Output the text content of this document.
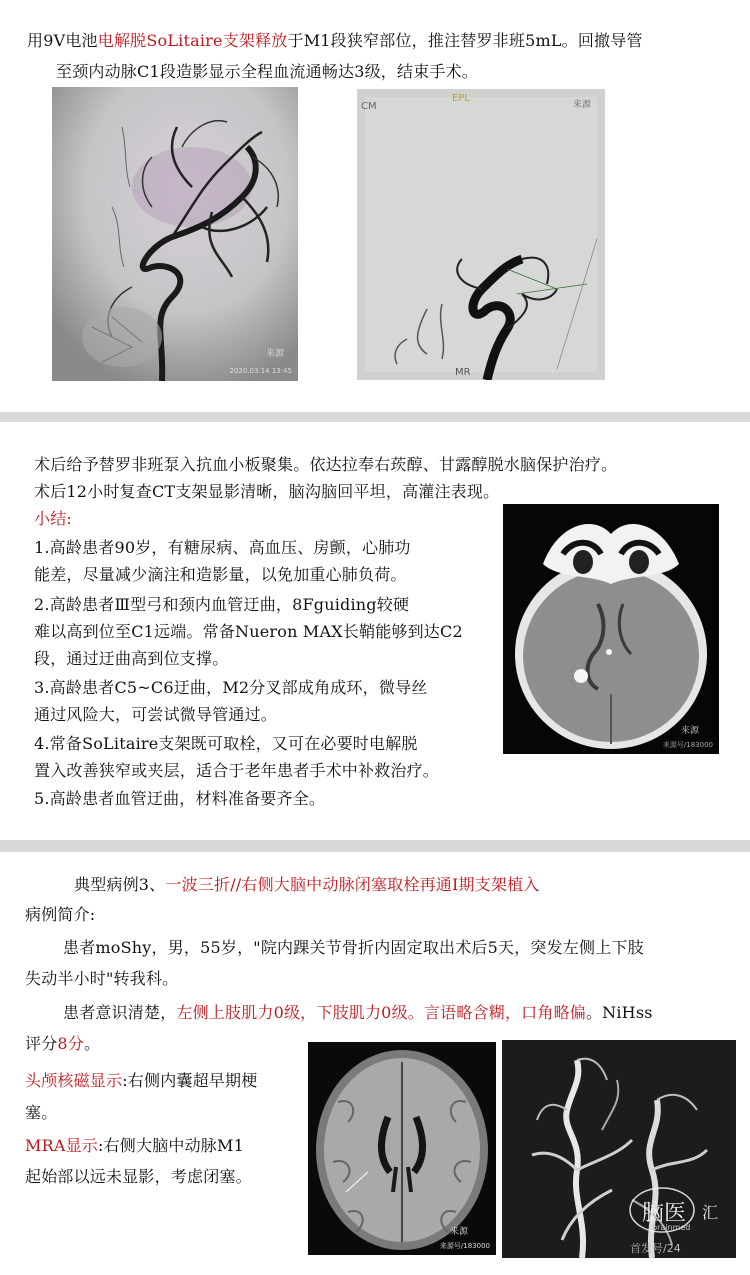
用9V电池电解脱SoLitaire支架释放于M1段狭窄部位，推注替罗非班5mL。回撤导管
至颈内动脉C1段造影显示全程血流通畅达3级，结束手术。
来源
2020.03.14 13:45
EPL
CM
MR
来源
术后给予替罗非班泵入抗血小板聚集。依达拉奉右莰醇、甘露醇脱水脑保护治疗。
术后12小时复查CT支架显影清晰，脑沟脑回平坦，高灌注表现。
小结:
1.高龄患者90岁，有糖尿病、高血压、房颤，心肺功
能差，尽量减少滴注和造影量，以免加重心肺负荷。
2.高龄患者Ⅲ型弓和颈内血管迂曲，8Fguiding较硬
难以高到位至C1远端。常备Nueron MAX长鞘能够到达C2
段，通过迂曲高到位支撑。
3.高龄患者C5~C6迂曲，M2分叉部成角成环，微导丝
通过风险大，可尝试微导管通过。
4.常备SoLitaire支架既可取栓，又可在必要时电解脱
置入改善狭窄或夹层，适合于老年患者手术中补救治疗。
5.高龄患者血管迂曲，材料准备要齐全。
来源
来源号/183000
典型病例3、一波三折//右侧大脑中动脉闭塞取栓再通Ⅰ期支架植入
病例简介:
患者moShy，男，55岁，"院内踝关节骨折内固定取出术后5天，突发左侧上下肢
失动半小时"转我科。
患者意识清楚，左侧上肢肌力0级，下肢肌力0级。言语略含糊，口角略偏。NiHss
评分8分。
头颅核磁显示:右侧内囊超早期梗
塞。
MRA显示:右侧大脑中动脉M1
起始部以远未显影，考虑闭塞。
来源
来源号/183000
脑医 汇
brainmed
首发号/24
